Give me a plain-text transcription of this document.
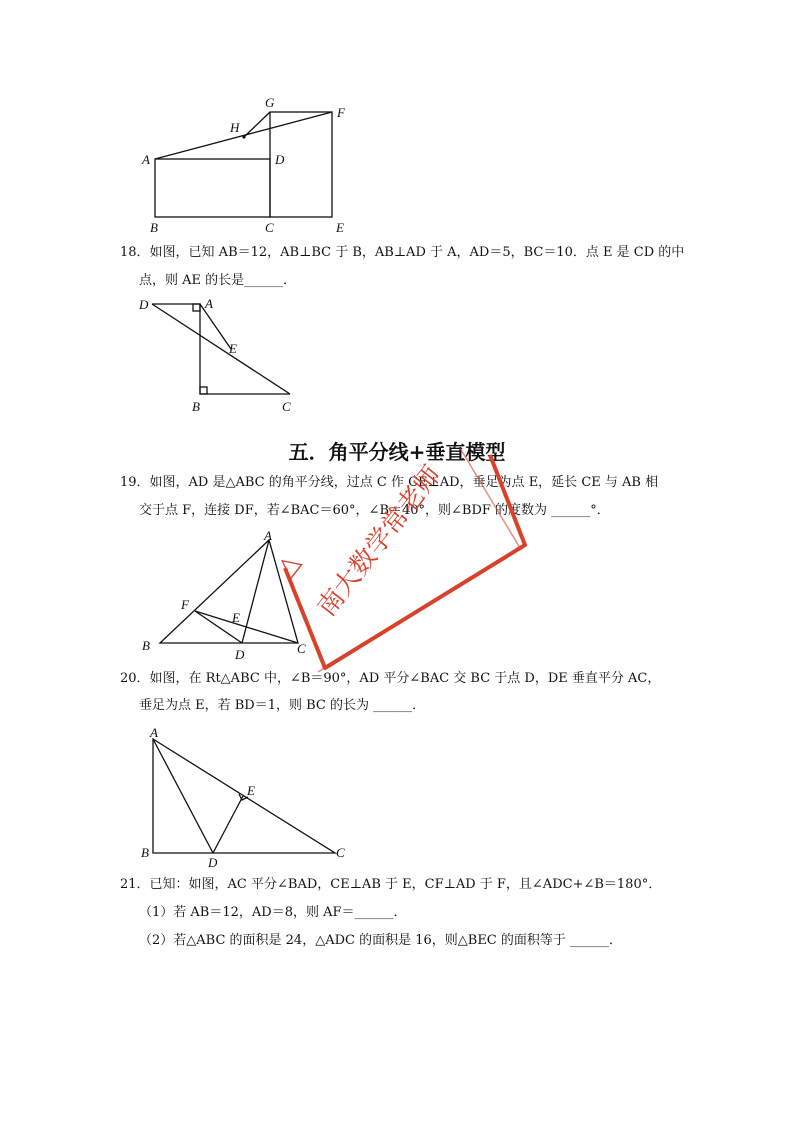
A
B	C
D
E
F
G
H
18．如图，已知 AB＝12，AB⊥BC 于 B，AB⊥AD 于 A，AD＝5，BC＝10．点 E 是 CD 的中
点，则 AE 的长是______．
D	A
E
B	C
五．角平分线+垂直模型
19．如图，AD 是△ABC 的角平分线，过点 C 作 CE⊥AD，垂足为点 E，延长 CE 与 AB 相
交于点 F，连接 DF，若∠BAC＝60°，∠B＝40°，则∠BDF 的度数为 ______°．
A
B	C
D
E
F
20．如图，在 Rt△ABC 中，∠B＝90°，AD 平分∠BAC 交 BC 于点 D，DE 垂直平分 AC，
垂足为点 E，若 BD＝1，则 BC 的长为 ______．
A
B	C
D
E
21．已知：如图，AC 平分∠BAD，CE⊥AB 于 E，CF⊥AD 于 F，且∠ADC+∠B＝180°．
（1）若 AB＝12，AD＝8，则 AF＝______．
（2）若△ABC 的面积是 24，△ADC 的面积是 16，则△BEC 的面积等于 ______．
南大数学常老师
△
